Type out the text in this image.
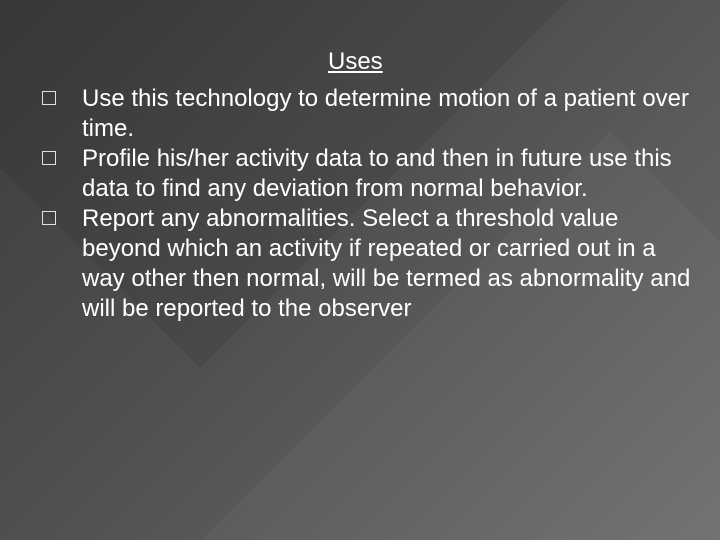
Uses
Use this technology to determine motion of a patient over time.
Profile his/her activity data to and then in future use this data to find any deviation from normal behavior.
Report any abnormalities. Select a threshold value beyond which an activity if repeated or carried out in a way other then normal, will be termed as abnormality and will be reported to the observer
